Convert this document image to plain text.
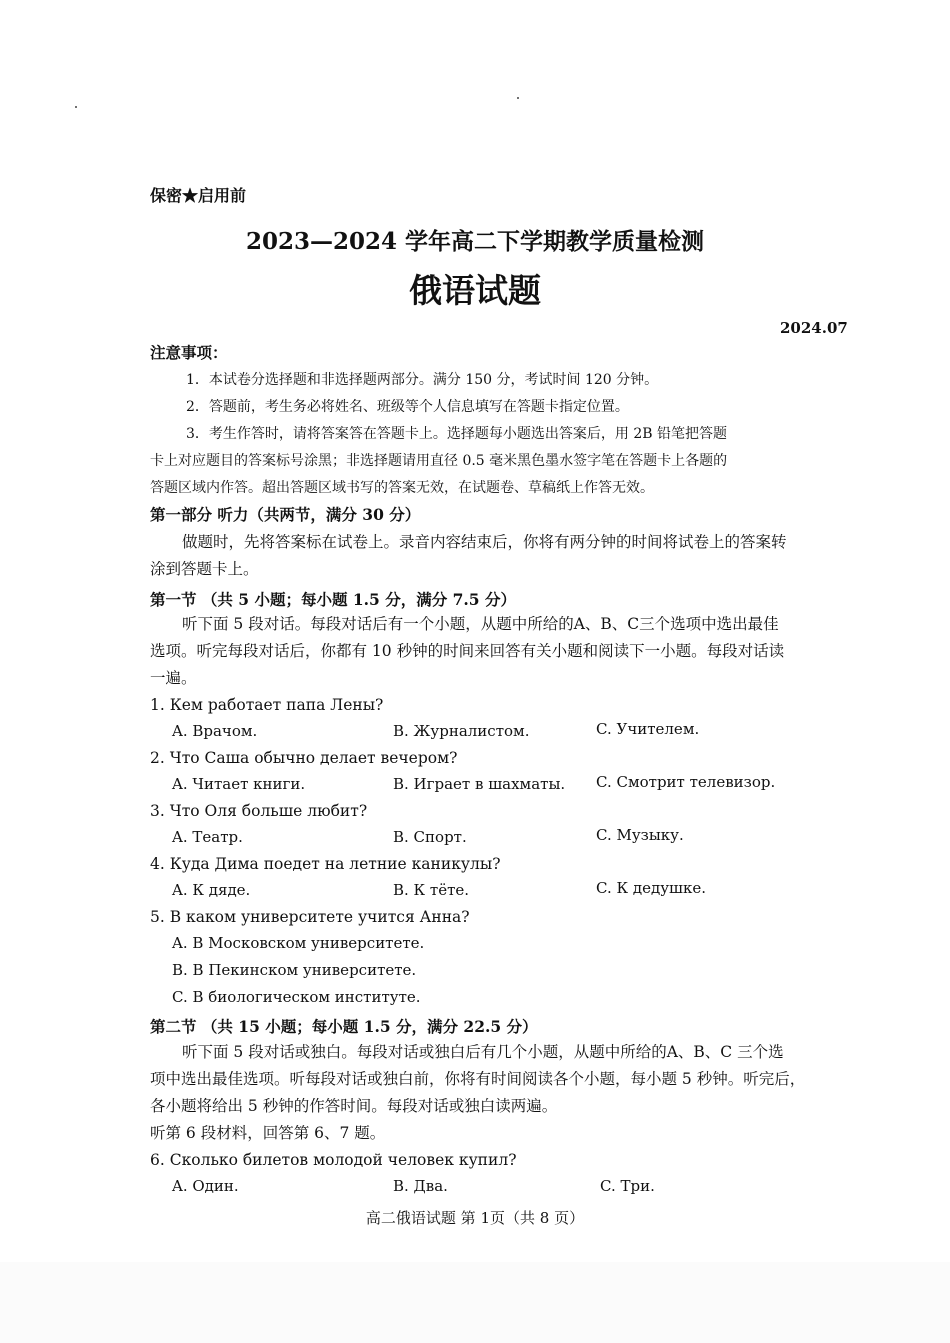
保密★启用前
2023—2024 学年高二下学期教学质量检测
俄语试题
2024.07
注意事项：
1．本试卷分选择题和非选择题两部分。满分 150 分，考试时间 120 分钟。
2．答题前，考生务必将姓名、班级等个人信息填写在答题卡指定位置。
3．考生作答时，请将答案答在答题卡上。选择题每小题选出答案后，用 2B 铅笔把答题
卡上对应题目的答案标号涂黑；非选择题请用直径 0.5 毫米黑色墨水签字笔在答题卡上各题的
答题区域内作答。超出答题区域书写的答案无效，在试题卷、草稿纸上作答无效。
第一部分 听力（共两节，满分 30 分）
做题时，先将答案标在试卷上。录音内容结束后，你将有两分钟的时间将试卷上的答案转
涂到答题卡上。
第一节 （共 5 小题；每小题 1.5 分，满分 7.5 分）
听下面 5 段对话。每段对话后有一个小题，从题中所给的A、B、C三个选项中选出最佳
选项。听完每段对话后，你都有 10 秒钟的时间来回答有关小题和阅读下一小题。每段对话读
一遍。
1. Кем работает папа Лены?
A. Врачом.	B. Журналистом.	C. Учителем.
2. Что Саша обычно делает вечером?
A. Читает книги.	B. Играет в шахматы. C. Смотрит телевизор.
3. Что Оля больше любит?
A. Театр.	B. Спорт.	C. Музыку.
4. Куда Дима поедет на летние каникулы?
A. К дяде.	B. К тёте.	C. К дедушке.
5. В каком университете учится Анна?
A. В Московском университете.
B. В Пекинском университете.
C. В биологическом институте.
第二节 （共 15 小题；每小题 1.5 分，满分 22.5 分）
听下面 5 段对话或独白。每段对话或独白后有几个小题，从题中所给的A、B、C 三个选
项中选出最佳选项。听每段对话或独白前，你将有时间阅读各个小题，每小题 5 秒钟。听完后，
各小题将给出 5 秒钟的作答时间。每段对话或独白读两遍。
听第 6 段材料，回答第 6、7 题。
6. Сколько билетов молодой человек купил?
A. Один.	B. Два.	C. Три.
高二俄语试题 第 1页（共 8 页）
